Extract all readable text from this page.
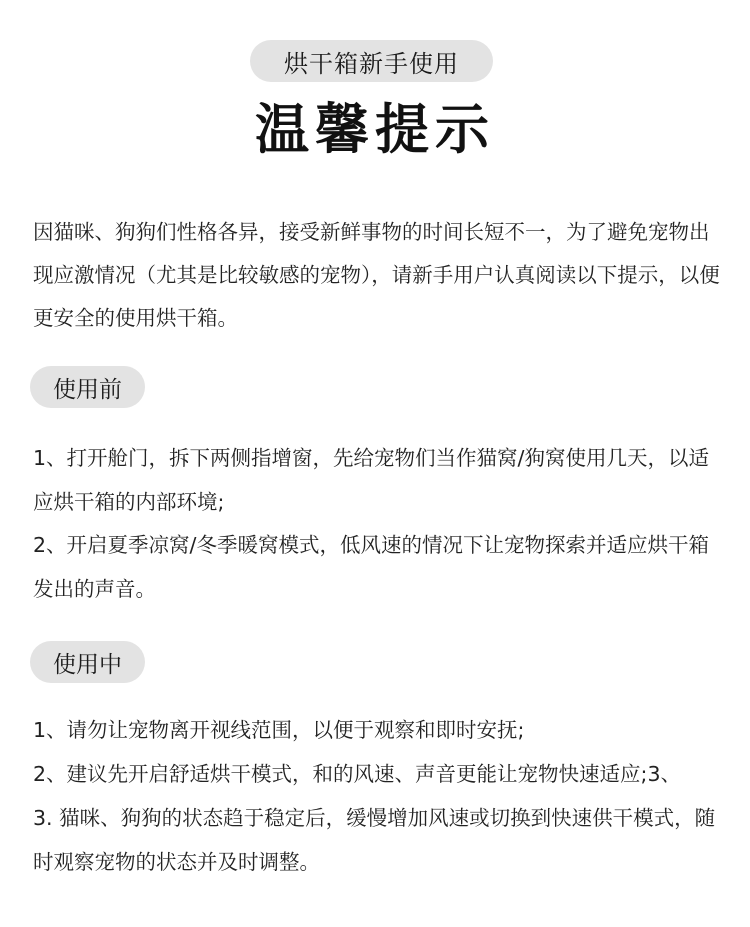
烘干箱新手使用
温馨提示
因猫咪、狗狗们性格各异，接受新鲜事物的时间长短不一，为了避免宠物出现应激情况（尤其是比较敏感的宠物），请新手用户认真阅读以下提示，以便更安全的使用烘干箱。
使用前

1、打开舱门，拆下两侧指增窗，先给宠物们当作猫窝/狗窝使用几天，以适应烘干箱的内部环境;

2、开启夏季凉窝/冬季暖窝模式，低风速的情况下让宠物探索并适应烘干箱发出的声音。

使用中

1、请勿让宠物离开视线范围，以便于观察和即时安抚;

2、建议先开启舒适烘干模式，和的风速、声音更能让宠物快速适应;3、

3. 猫咪、狗狗的状态趋于稳定后，缓慢增加风速或切换到快速供干模式，随时观察宠物的状态并及时调整。
